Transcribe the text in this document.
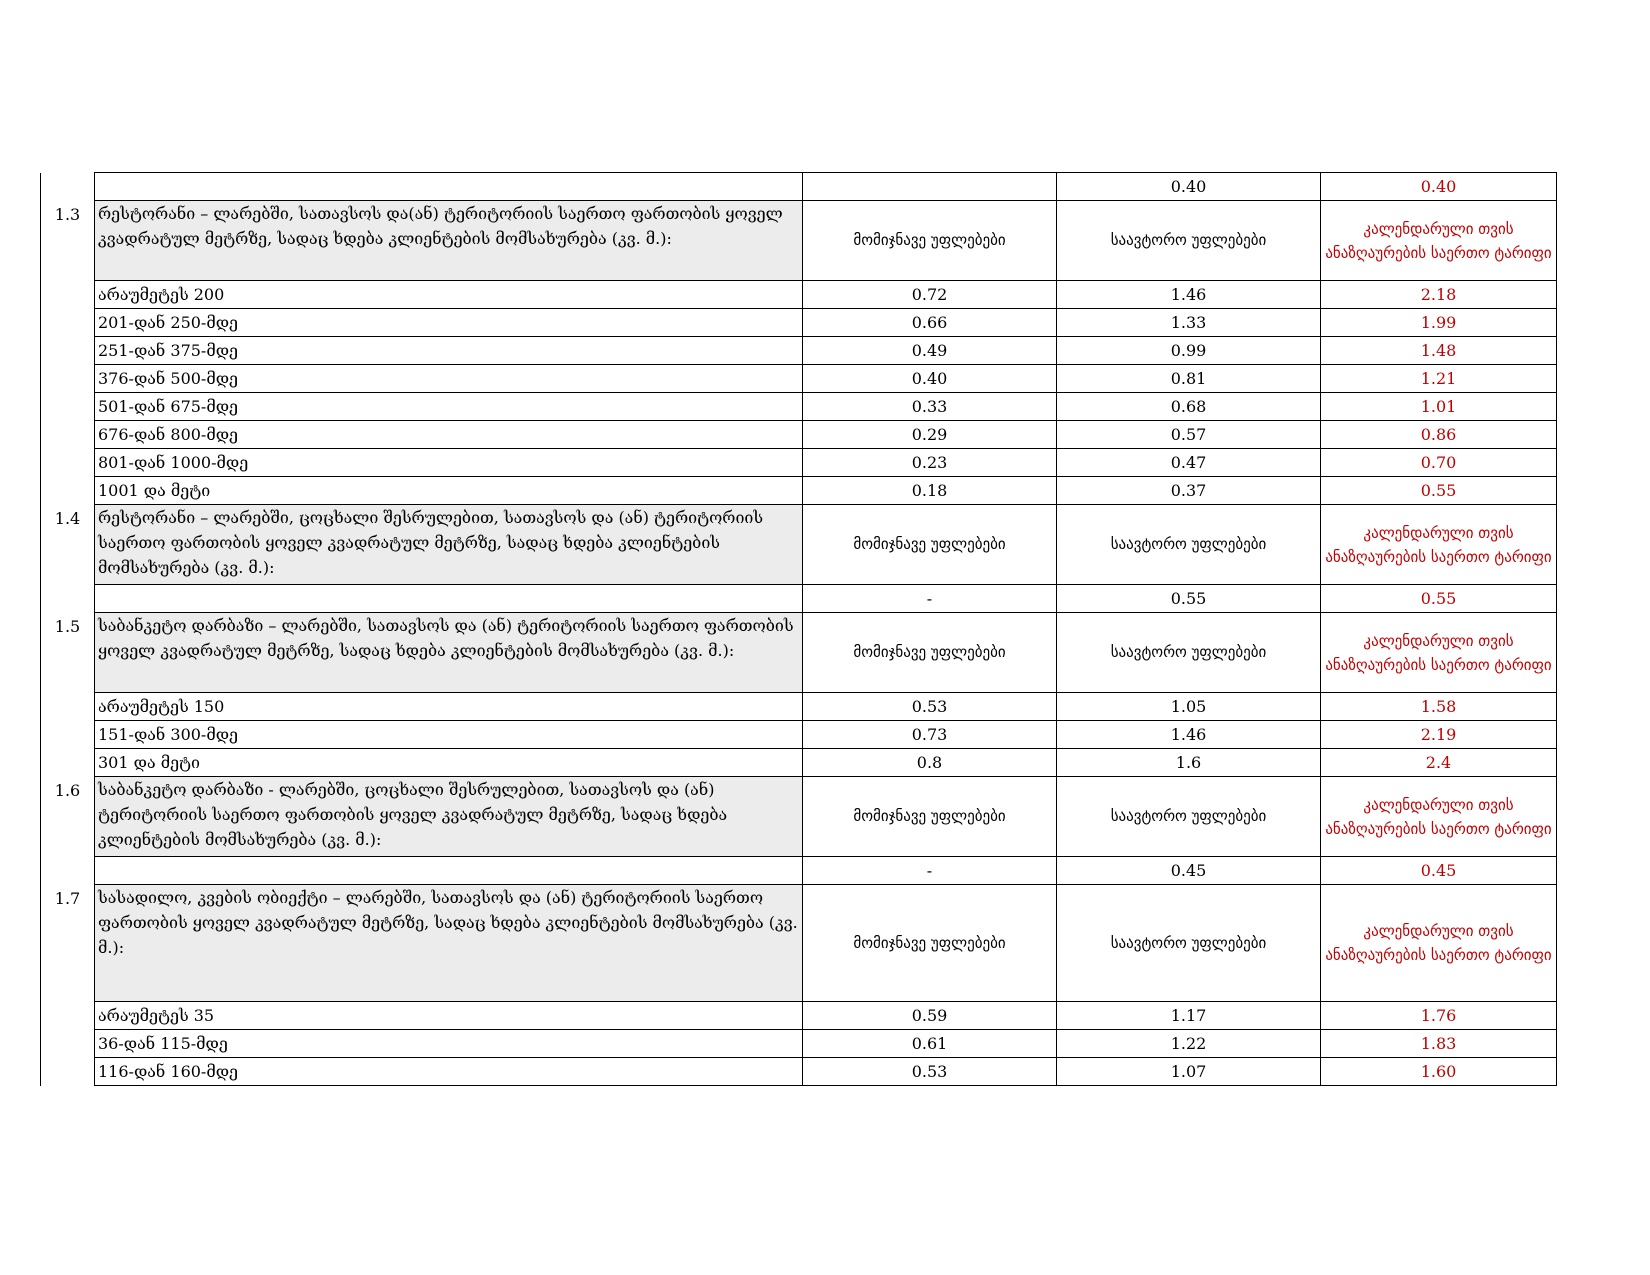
			0.40	0.40

1.3	რესტორანი – ლარებში, სათავსოს და(ან) ტერიტორიის საერთო ფართობის ყოველ კვადრატულ მეტრზე, სადაც ხდება კლიენტების მომსახურება (კვ. მ.):	მომიჯნავე უფლებები	საავტორო უფლებები	კალენდარული თვის ანაზღაურების საერთო ტარიფი
	არაუმეტეს 200	0.72	1.46	2.18
	201-დან 250-მდე	0.66	1.33	1.99
	251-დან 375-მდე	0.49	0.99	1.48
	376-დან 500-მდე	0.40	0.81	1.21
	501-დან 675-მდე	0.33	0.68	1.01
	676-დან 800-მდე	0.29	0.57	0.86
	801-დან 1000-მდე	0.23	0.47	0.70
	1001 და მეტი	0.18	0.37	0.55

1.4	რესტორანი – ლარებში, ცოცხალი შესრულებით, სათავსოს და (ან) ტერიტორიის საერთო ფართობის ყოველ კვადრატულ მეტრზე, სადაც ხდება კლიენტების მომსახურება (კვ. მ.):	მომიჯნავე უფლებები	საავტორო უფლებები	კალენდარული თვის ანაზღაურების საერთო ტარიფი
		-	0.55	0.55

1.5	საბანკეტო დარბაზი – ლარებში, სათავსოს და (ან) ტერიტორიის საერთო ფართობის ყოველ კვადრატულ მეტრზე, სადაც ხდება კლიენტების მომსახურება (კვ. მ.):	მომიჯნავე უფლებები	საავტორო უფლებები	კალენდარული თვის ანაზღაურების საერთო ტარიფი
	არაუმეტეს 150	0.53	1.05	1.58
	151-დან 300-მდე	0.73	1.46	2.19
	301 და მეტი	0.8	1.6	2.4

1.6	საბანკეტო დარბაზი - ლარებში, ცოცხალი შესრულებით, სათავსოს და (ან) ტერიტორიის საერთო ფართობის ყოველ კვადრატულ მეტრზე, სადაც ხდება კლიენტების მომსახურება (კვ. მ.):	მომიჯნავე უფლებები	საავტორო უფლებები	კალენდარული თვის ანაზღაურების საერთო ტარიფი
		-	0.45	0.45

1.7	სასადილო, კვების ობიექტი – ლარებში, სათავსოს და (ან) ტერიტორიის საერთო ფართობის ყოველ კვადრატულ მეტრზე, სადაც ხდება კლიენტების მომსახურება (კვ. მ.):	მომიჯნავე უფლებები	საავტორო უფლებები	კალენდარული თვის ანაზღაურების საერთო ტარიფი
	არაუმეტეს 35	0.59	1.17	1.76
	36-დან 115-მდე	0.61	1.22	1.83
	116-დან 160-მდე	0.53	1.07	1.60
